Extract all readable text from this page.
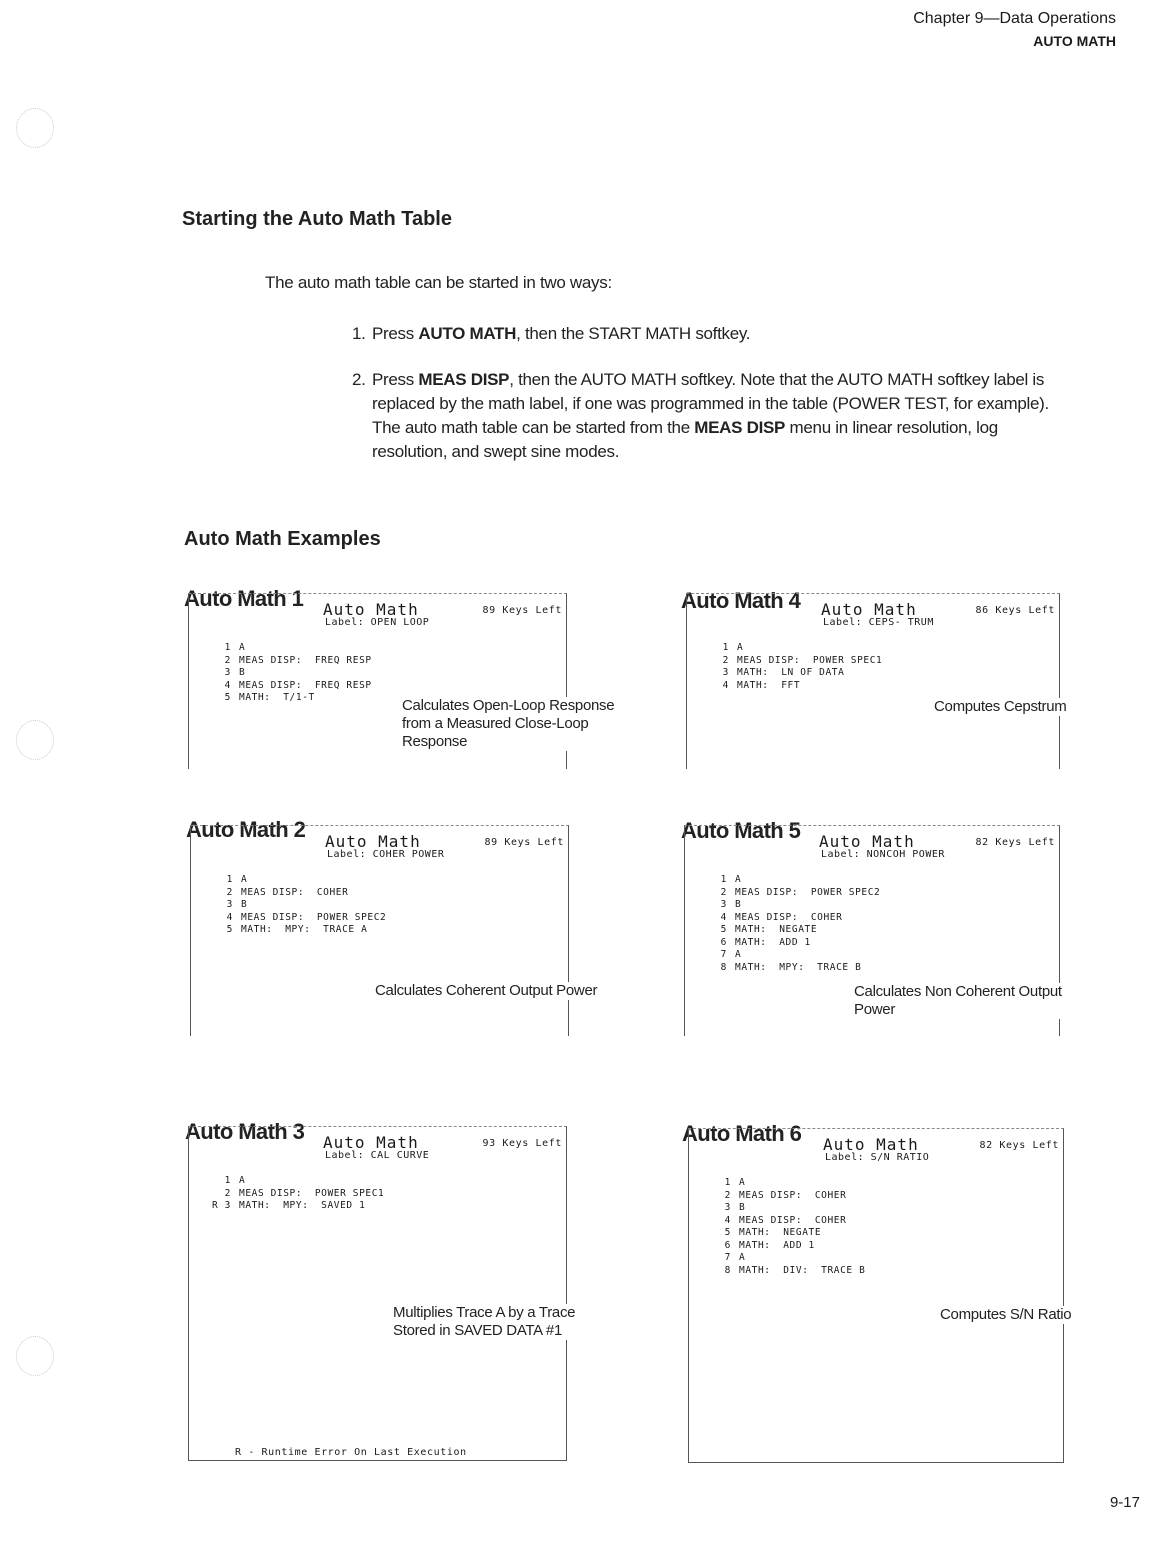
Chapter 9—Data Operations
AUTO MATH
Starting the Auto Math Table
The auto math table can be started in two ways:
1. Press AUTO MATH, then the START MATH softkey.
2. Press MEAS DISP, then the AUTO MATH softkey. Note that the AUTO MATH softkey label is replaced by the math label, if one was programmed in the table (POWER TEST, for example). The auto math table can be started from the MEAS DISP menu in linear resolution, log resolution, and swept sine modes.
Auto Math Examples
Auto Math 1 Auto Math	89 Keys Left
Label: OPEN LOOP
1 A
2 MEAS DISP:  FREQ RESP
3 B
4 MEAS DISP:  FREQ RESP
5 MATH:  T/1-T	Calculates Open-Loop Response from a Measured Close-Loop Response
Auto Math 2 Auto Math	89 Keys Left
Label: COHER POWER
1 A
2 MEAS DISP:  COHER
3 B
4 MEAS DISP:  POWER SPEC2
5 MATH:  MPY:  TRACE A
Calculates Coherent Output Power
Auto Math 3 Auto Math	93 Keys Left
Label: CAL CURVE
1 A
2 MEAS DISP:  POWER SPEC1
R 3 MATH:  MPY:  SAVED 1
R - Runtime Error On Last Execution
Multiplies Trace A by a Trace Stored in SAVED DATA #1
Auto Math 4 Auto Math	86 Keys Left
Label: CEPS- TRUM
1 A
2 MEAS DISP:  POWER SPEC1
3 MATH:  LN OF DATA
4 MATH:  FFT
Computes Cepstrum
Auto Math 5 Auto Math	82 Keys Left
Label: NONCOH POWER
1 A
2 MEAS DISP:  POWER SPEC2
3 B
4 MEAS DISP:  COHER
5 MATH:  NEGATE
6 MATH:  ADD 1
7 A
8 MATH:  MPY:  TRACE B
Calculates Non Coherent Output Power
Auto Math 6 Auto Math	82 Keys Left
Label: S/N RATIO
1 A
2 MEAS DISP:  COHER
3 B
4 MEAS DISP:  COHER
5 MATH:  NEGATE
6 MATH:  ADD 1
7 A
8 MATH:  DIV:  TRACE B
Computes S/N Ratio
9-17
